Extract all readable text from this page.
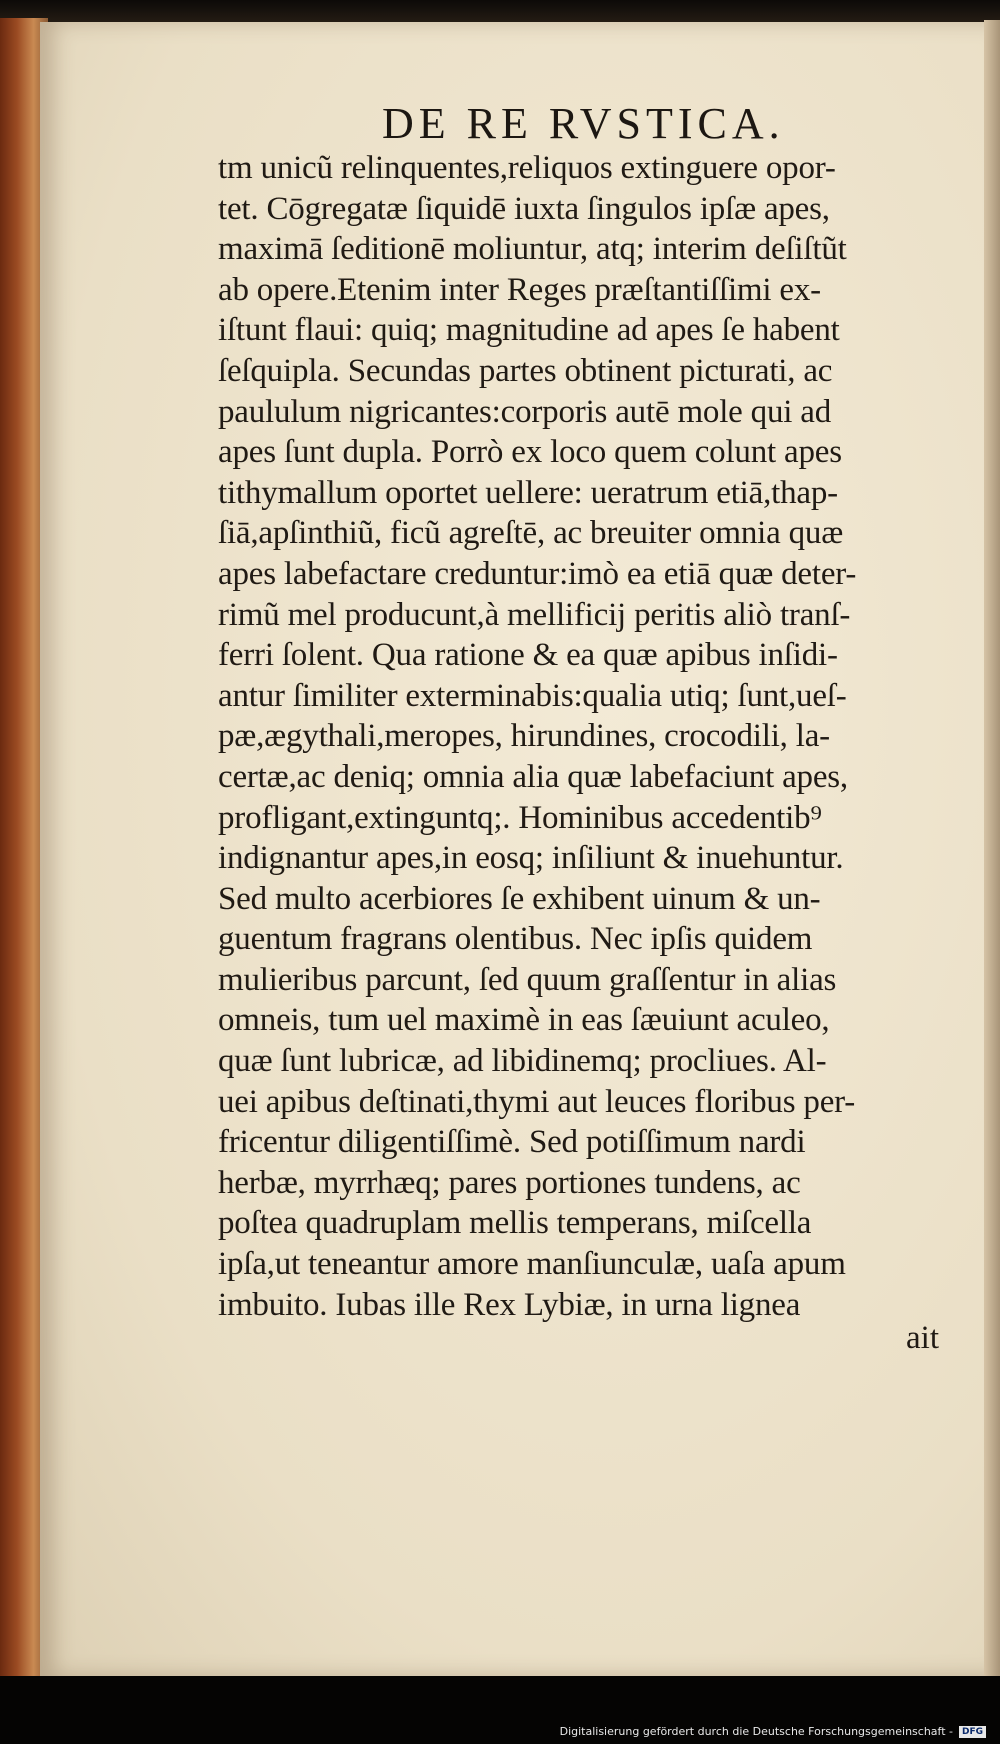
DE RE RVSTICA.
tm unicũ relinquentes,reliquos extinguere opor-
tet. Cōgregatæ ſiquidē iuxta ſingulos ipſæ apes,
maximā ſeditionē moliuntur, atq; interim deſiſtũt
ab opere.Etenim inter Reges præſtantiſſimi ex-
iſtunt flaui: quiq; magnitudine ad apes ſe habent
ſeſquipla. Secundas partes obtinent picturati, ac
paululum nigricantes:corporis autē mole qui ad
apes ſunt dupla. Porrò ex loco quem colunt apes
tithymallum oportet uellere: ueratrum etiā,thap-
ſiā,apſinthiũ, ficũ agreſtē, ac breuiter omnia quæ
apes labefactare creduntur:imò ea etiā quæ deter-
rimũ mel producunt,à mellificij peritis aliò tranſ-
ferri ſolent. Qua ratione & ea quæ apibus inſidi-
antur ſimiliter exterminabis:qualia utiq; ſunt,ueſ-
pæ,ægythali,meropes, hirundines, crocodili, la-
certæ,ac deniq; omnia alia quæ labefaciunt apes,
profligant,extinguntq;. Hominibus accedentib⁹
indignantur apes,in eosq; inſiliunt & inuehuntur.
Sed multo acerbiores ſe exhibent uinum & un-
guentum fragrans olentibus. Nec ipſis quidem
mulieribus parcunt, ſed quum graſſentur in alias
omneis, tum uel maximè in eas ſæuiunt aculeo,
quæ ſunt lubricæ, ad libidinemq; procliues. Al-
uei apibus deſtinati,thymi aut leuces floribus per-
fricentur diligentiſſimè. Sed potiſſimum nardi
herbæ, myrrhæq; pares portiones tundens, ac
poſtea quadruplam mellis temperans, miſcella
ipſa,ut teneantur amore manſiunculæ, uaſa apum
imbuito. Iubas ille Rex Lybiæ, in urna lignea
ait
Digitalisierung gefördert durch die Deutsche Forschungsgemeinschaft -	DFG
